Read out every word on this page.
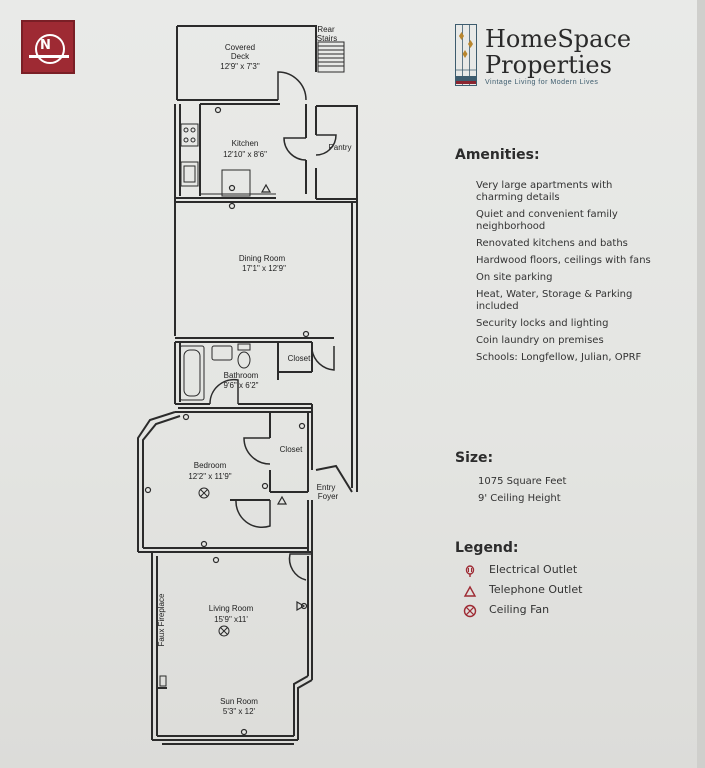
N
Rear
Stairs
Covered
Deck
12'9" x 7'3"
Kitchen
12'10" x 8'6"
Pantry
Dining Room
17'1" x 12'9"
Closet
Bathroom
9'6" x 6'2"
Closet
Bedroom
12'2" x 11'9"
Entry
Foyer
Living Room
15'9" x11'
Faux Fireplace
Sun Room
5'3" x 12'
HomeSpace
Properties
Vintage Living for Modern Lives
Amenities:
Very large apartments with charming details
Quiet and convenient family neighborhood
Renovated kitchens and baths
Hardwood floors, ceilings with fans
On site parking
Heat, Water, Storage & Parking included
Security locks and lighting
Coin laundry on premises
Schools: Longfellow, Julian, OPRF
Size:
1075 Square Feet
9' Ceiling Height
Legend:
Electrical Outlet
Telephone Outlet
Ceiling Fan
